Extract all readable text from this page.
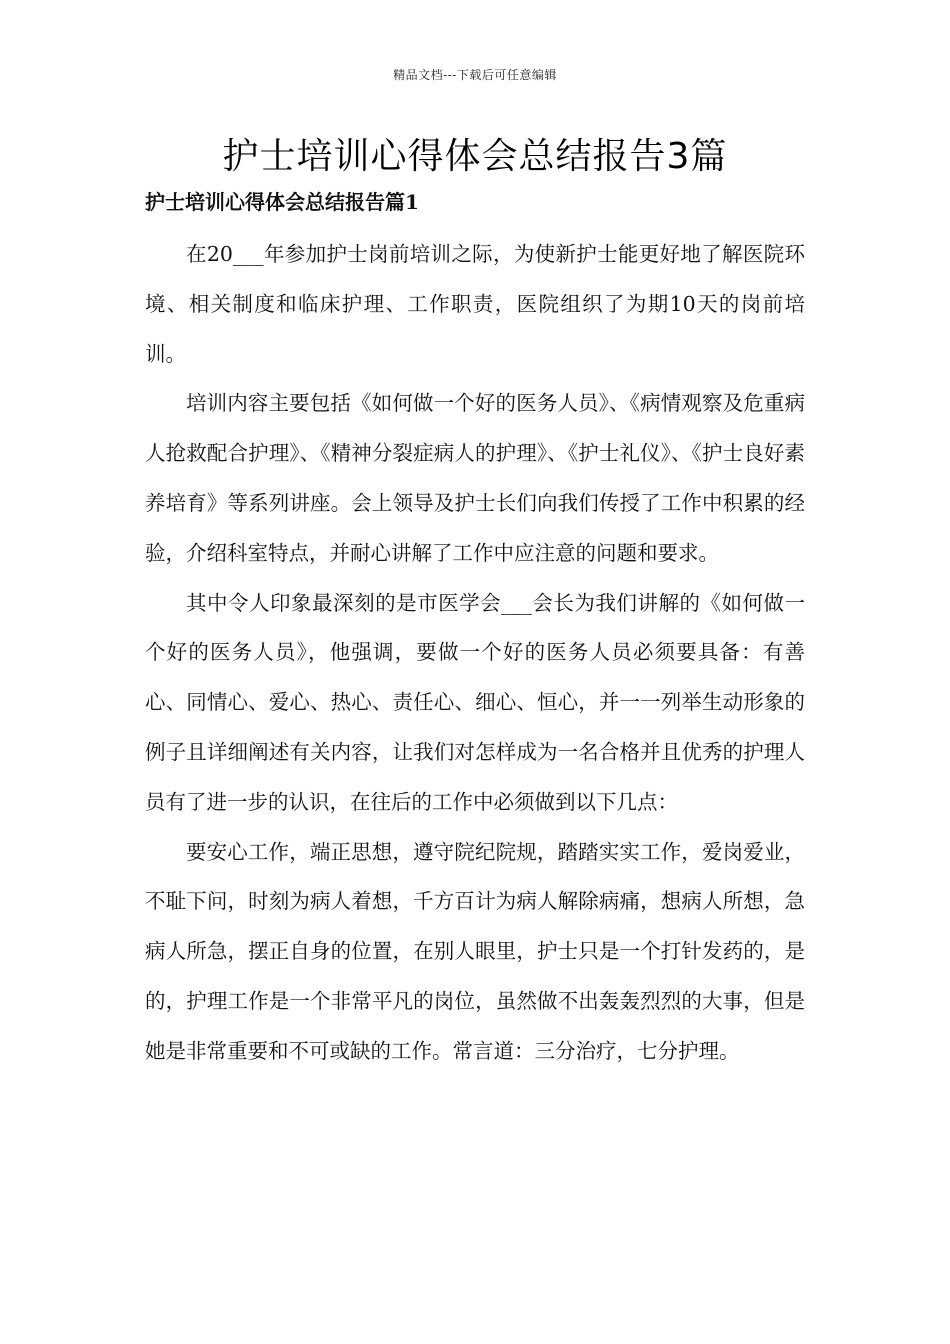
精品文档---下载后可任意编辑
护士培训心得体会总结报告3篇
护士培训心得体会总结报告篇1

在20___年参加护士岗前培训之际，为使新护士能更好地了解医院环境、相关制度和临床护理、工作职责，医院组织了为期10天的岗前培训。

培训内容主要包括《如何做一个好的医务人员》、《病情观察及危重病人抢救配合护理》、《精神分裂症病人的护理》、《护士礼仪》、《护士良好素养培育》等系列讲座。会上领导及护士长们向我们传授了工作中积累的经验，介绍科室特点，并耐心讲解了工作中应注意的问题和要求。

其中令人印象最深刻的是市医学会___会长为我们讲解的《如何做一个好的医务人员》，他强调，要做一个好的医务人员必须要具备：有善心、同情心、爱心、热心、责任心、细心、恒心，并一一列举生动形象的例子且详细阐述有关内容，让我们对怎样成为一名合格并且优秀的护理人员有了进一步的认识，在往后的工作中必须做到以下几点：

要安心工作，端正思想，遵守院纪院规，踏踏实实工作，爱岗爱业，不耻下问，时刻为病人着想，千方百计为病人解除病痛，想病人所想，急病人所急，摆正自身的位置，在别人眼里，护士只是一个打针发药的，是的，护理工作是一个非常平凡的岗位，虽然做不出轰轰烈烈的大事，但是她是非常重要和不可或缺的工作。常言道：三分治疗，七分护理。
